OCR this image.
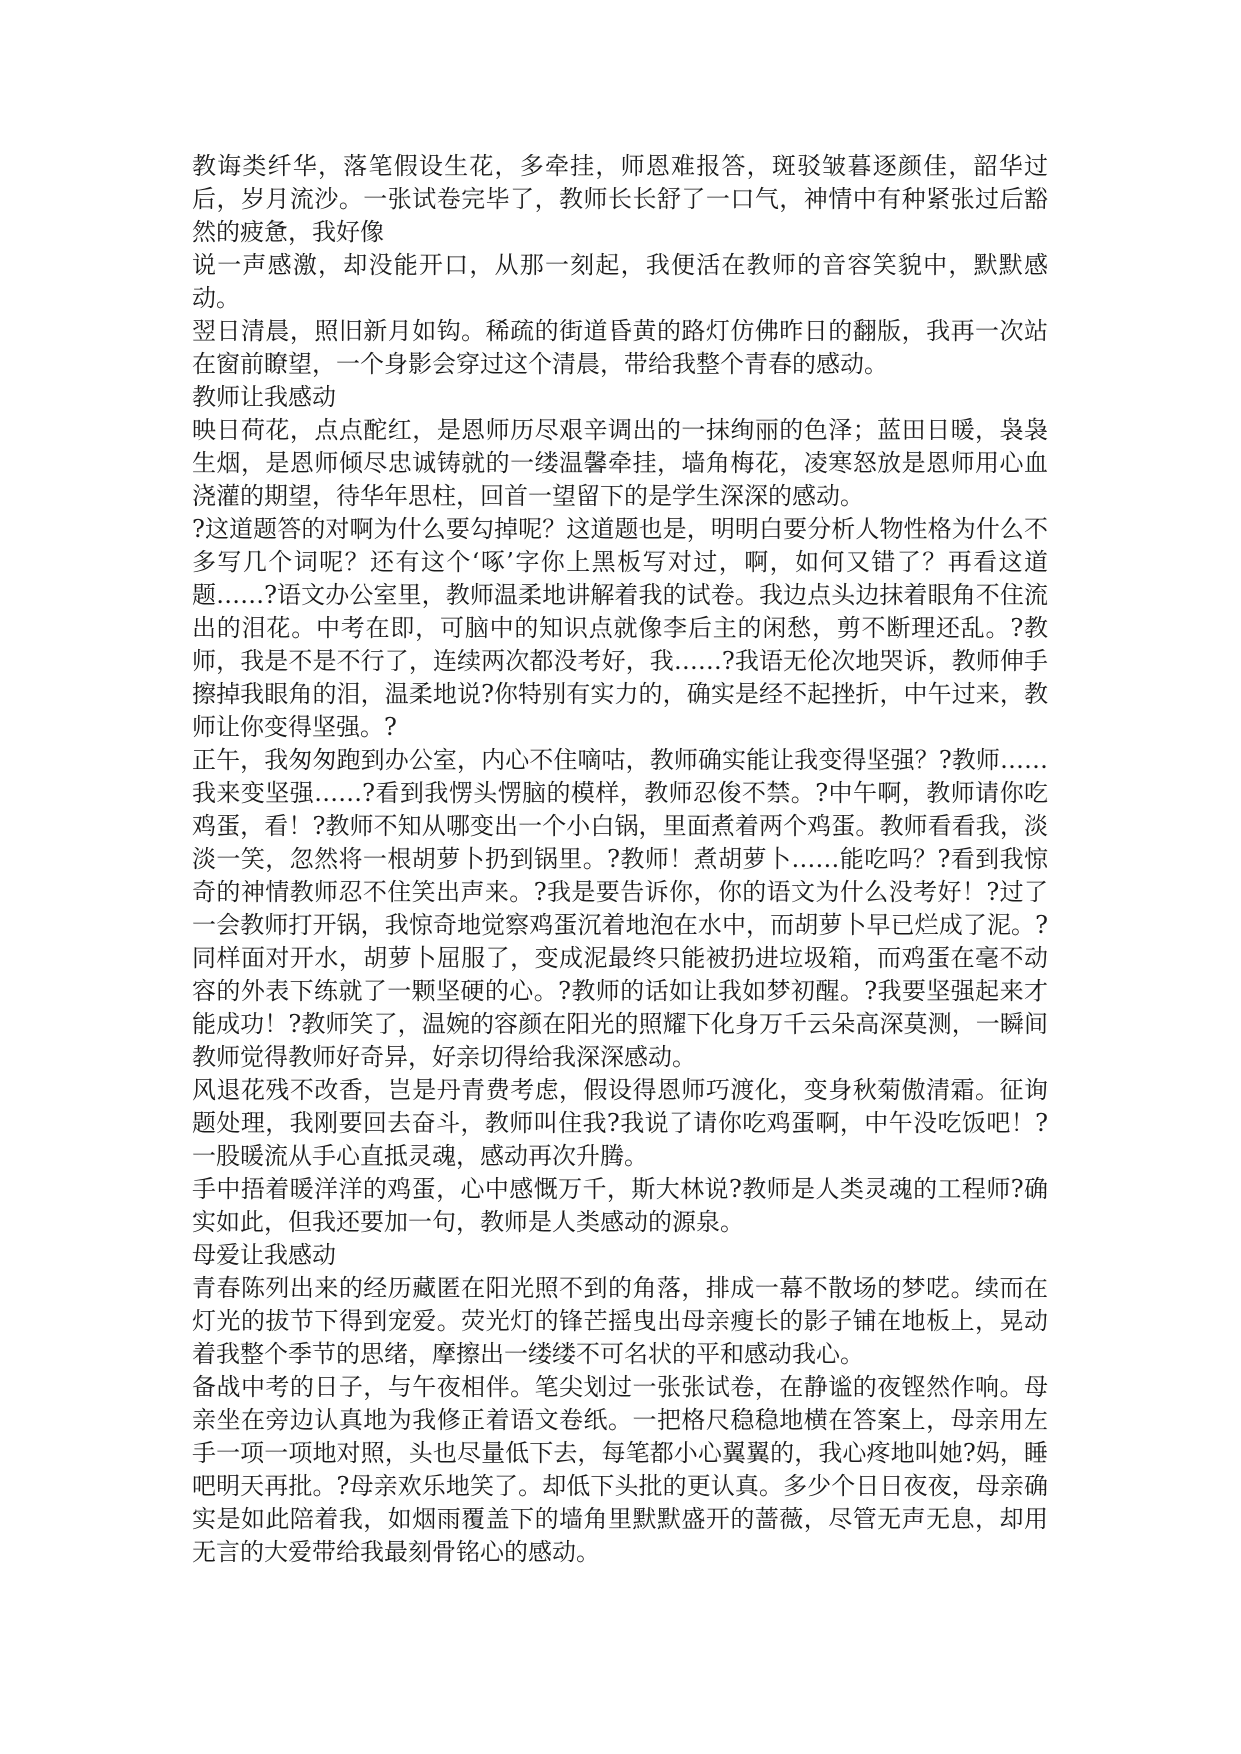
教诲类纤华，落笔假设生花，多牵挂，师恩难报答，斑驳皱暮逐颜佳，韶华过后，岁月流沙。一张试卷完毕了，教师长长舒了一口气，神情中有种紧张过后豁然的疲惫，我好像

说一声感激，却没能开口，从那一刻起，我便活在教师的音容笑貌中，默默感动。

翌日清晨，照旧新月如钩。稀疏的街道昏黄的路灯仿佛昨日的翻版，我再一次站在窗前瞭望，一个身影会穿过这个清晨，带给我整个青春的感动。

教师让我感动

映日荷花，点点酡红，是恩师历尽艰辛调出的一抹绚丽的色泽；蓝田日暖，袅袅生烟，是恩师倾尽忠诚铸就的一缕温馨牵挂，墙角梅花，凌寒怒放是恩师用心血浇灌的期望，待华年思柱，回首一望留下的是学生深深的感动。

?这道题答的对啊为什么要勾掉呢？这道题也是，明明白要分析人物性格为什么不多写几个词呢？还有这个‘啄’字你上黑板写对过，啊，如何又错了？再看这道题……?语文办公室里，教师温柔地讲解着我的试卷。我边点头边抹着眼角不住流出的泪花。中考在即，可脑中的知识点就像李后主的闲愁，剪不断理还乱。?教师，我是不是不行了，连续两次都没考好，我……?我语无伦次地哭诉，教师伸手擦掉我眼角的泪，温柔地说?你特别有实力的，确实是经不起挫折，中午过来，教师让你变得坚强。?

正午，我匆匆跑到办公室，内心不住嘀咕，教师确实能让我变得坚强？?教师……我来变坚强……?看到我愣头愣脑的模样，教师忍俊不禁。?中午啊，教师请你吃鸡蛋，看！?教师不知从哪变出一个小白锅，里面煮着两个鸡蛋。教师看看我，淡淡一笑，忽然将一根胡萝卜扔到锅里。?教师！煮胡萝卜……能吃吗？?看到我惊奇的神情教师忍不住笑出声来。?我是要告诉你，你的语文为什么没考好！?过了一会教师打开锅，我惊奇地觉察鸡蛋沉着地泡在水中，而胡萝卜早已烂成了泥。?同样面对开水，胡萝卜屈服了，变成泥最终只能被扔进垃圾箱，而鸡蛋在毫不动容的外表下练就了一颗坚硬的心。?教师的话如让我如梦初醒。?我要坚强起来才能成功！?教师笑了，温婉的容颜在阳光的照耀下化身万千云朵高深莫测，一瞬间教师觉得教师好奇异，好亲切得给我深深感动。

风退花残不改香，岂是丹青费考虑，假设得恩师巧渡化，变身秋菊傲清霜。征询题处理，我刚要回去奋斗，教师叫住我?我说了请你吃鸡蛋啊，中午没吃饭吧！?一股暖流从手心直抵灵魂，感动再次升腾。

手中捂着暖洋洋的鸡蛋，心中感慨万千，斯大林说?教师是人类灵魂的工程师?确实如此，但我还要加一句，教师是人类感动的源泉。

母爱让我感动

青春陈列出来的经历藏匿在阳光照不到的角落，排成一幕不散场的梦呓。续而在灯光的拔节下得到宠爱。荧光灯的锋芒摇曳出母亲瘦长的影子铺在地板上，晃动着我整个季节的思绪，摩擦出一缕缕不可名状的平和感动我心。

备战中考的日子，与午夜相伴。笔尖划过一张张试卷，在静谧的夜铿然作响。母亲坐在旁边认真地为我修正着语文卷纸。一把格尺稳稳地横在答案上，母亲用左手一项一项地对照，头也尽量低下去，每笔都小心翼翼的，我心疼地叫她?妈，睡吧明天再批。?母亲欢乐地笑了。却低下头批的更认真。多少个日日夜夜，母亲确实是如此陪着我，如烟雨覆盖下的墙角里默默盛开的蔷薇，尽管无声无息，却用无言的大爱带给我最刻骨铭心的感动。
